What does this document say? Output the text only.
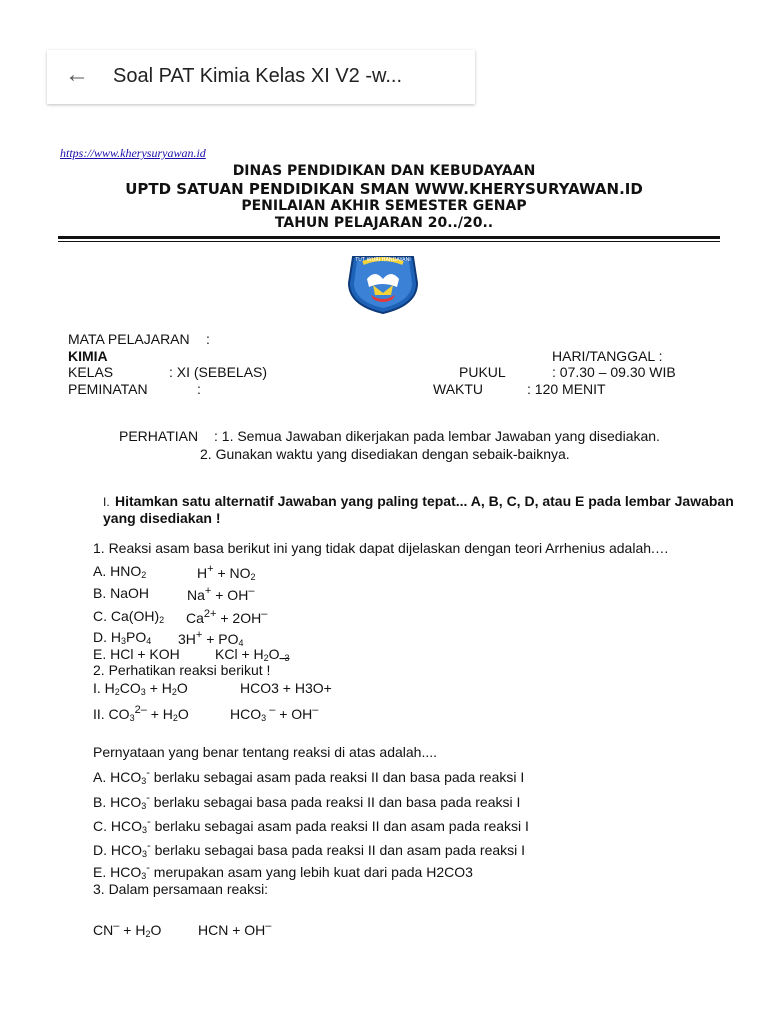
← Soal PAT Kimia Kelas XI V2 -w...
https://www.kherysuryawan.id
DINAS PENDIDIKAN DAN KEBUDAYAAN
UPTD SATUAN PENDIDIKAN SMAN WWW.KHERYSURYAWAN.ID
PENILAIAN AKHIR SEMESTER GENAP
TAHUN PELAJARAN 20../20..
TUT WURI HANDAYANI
MATA PELAJARAN :
KIMIA	HARI/TANGGAL :
KELAS	: XI (SEBELAS)	PUKUL	: 07.30 – 09.30 WIB
PEMINATAN	:	WAKTU	: 120 MENIT
PERHATIAN : 1. Semua Jawaban dikerjakan pada lembar Jawaban yang disediakan.
2. Gunakan waktu yang disediakan dengan sebaik-baiknya.
I. Hitamkan satu alternatif Jawaban yang paling tepat... A, B, C, D, atau E pada lembar Jawaban
yang disediakan !
1. Reaksi asam basa berikut ini yang tidak dapat dijelaskan dengan teori Arrhenius adalah.…
A. $HNO_2$	$H^+ + NO_2$
B. NaOH	Na+ + OH–
C. $Ca(OH)_2$ $Ca^{2+} + 2OH^-$
D. $H_3PO_4$ $3H^+ + PO_4$
E. HCl + KOH	KCl + $H_2O_{-3}$
2. Perhatikan reaksi berikut !
I. $H_2CO_3 + H_2O$	HCO3 + H3O+
II. $CO_3^{2-} + H_2O$	$HCO_3$ – + OH–
Pernyataan yang benar tentang reaksi di atas adalah....
A. $HCO_3^-$ berlaku sebagai asam pada reaksi II dan basa pada reaksi I
B. $HCO_3^-$ berlaku sebagai basa pada reaksi II dan basa pada reaksi I
C. $HCO_3^-$ berlaku sebagai asam pada reaksi II dan asam pada reaksi I
D. $HCO_3^-$ berlaku sebagai basa pada reaksi II dan asam pada reaksi I
E. $HCO_3^-$ merupakan asam yang lebih kuat dari pada H2CO3
3. Dalam persamaan reaksi:
$CN^- + H_2O$	HCN + OH–
